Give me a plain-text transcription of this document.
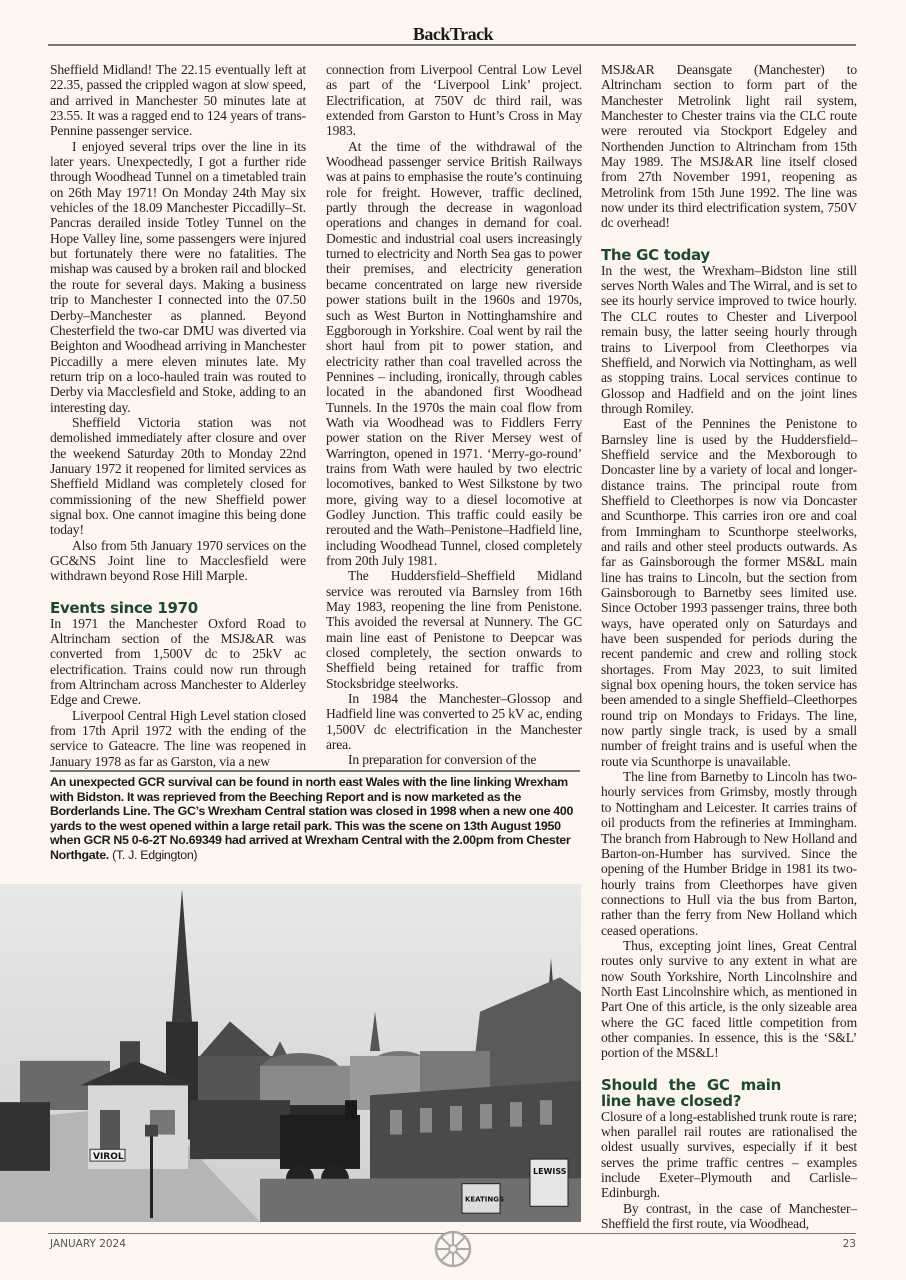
BackTrack

Sheffield Midland! The 22.15 eventually left at 22.35, passed the crippled wagon at slow speed, and arrived in Manchester 50 minutes late at 23.55. It was a ragged end to 124 years of trans-Pennine passenger service.

I enjoyed several trips over the line in its later years. Unexpectedly, I got a further ride through Woodhead Tunnel on a timetabled train on 26th May 1971! On Monday 24th May six vehicles of the 18.09 Manchester Piccadilly–St. Pancras derailed inside Totley Tunnel on the Hope Valley line, some passengers were injured but fortunately there were no fatalities. The mishap was caused by a broken rail and blocked the route for several days. Making a business trip to Manchester I connected into the 07.50 Derby–Manchester as planned. Beyond Chesterfield the two-car DMU was diverted via Beighton and Woodhead arriving in Manchester Piccadilly a mere eleven minutes late. My return trip on a loco-hauled train was routed to Derby via Macclesfield and Stoke, adding to an interesting day.

Sheffield Victoria station was not demolished immediately after closure and over the weekend Saturday 20th to Monday 22nd January 1972 it reopened for limited services as Sheffield Midland was completely closed for commissioning of the new Sheffield power signal box. One cannot imagine this being done today!

Also from 5th January 1970 services on the GC&NS Joint line to Macclesfield were withdrawn beyond Rose Hill Marple.

Events since 1970

In 1971 the Manchester Oxford Road to Altrincham section of the MSJ&AR was converted from 1,500V dc to 25kV ac electrification. Trains could now run through from Altrincham across Manchester to Alderley Edge and Crewe.

Liverpool Central High Level station closed from 17th April 1972 with the ending of the service to Gateacre. The line was reopened in January 1978 as far as Garston, via a new

connection from Liverpool Central Low Level as part of the ‘Liverpool Link’ project. Electrification, at 750V dc third rail, was extended from Garston to Hunt’s Cross in May 1983.

At the time of the withdrawal of the Woodhead passenger service British Railways was at pains to emphasise the route’s continuing role for freight. However, traffic declined, partly through the decrease in wagonload operations and changes in demand for coal. Domestic and industrial coal users increasingly turned to electricity and North Sea gas to power their premises, and electricity generation became concentrated on large new riverside power stations built in the 1960s and 1970s, such as West Burton in Nottinghamshire and Eggborough in Yorkshire. Coal went by rail the short haul from pit to power station, and electricity rather than coal travelled across the Pennines – including, ironically, through cables located in the abandoned first Woodhead Tunnels. In the 1970s the main coal flow from Wath via Woodhead was to Fiddlers Ferry power station on the River Mersey west of Warrington, opened in 1971. ‘Merry-go-round’ trains from Wath were hauled by two electric locomotives, banked to West Silkstone by two more, giving way to a diesel locomotive at Godley Junction. This traffic could easily be rerouted and the Wath–Penistone–Hadfield line, including Woodhead Tunnel, closed completely from 20th July 1981.

The Huddersfield–Sheffield Midland service was rerouted via Barnsley from 16th May 1983, reopening the line from Penistone. This avoided the reversal at Nunnery. The GC main line east of Penistone to Deepcar was closed completely, the section onwards to Sheffield being retained for traffic from Stocksbridge steelworks.

In 1984 the Manchester–Glossop and Hadfield line was converted to 25 kV ac, ending 1,500V dc electrification in the Manchester area.

In preparation for conversion of the

MSJ&AR Deansgate (Manchester) to Altrincham section to form part of the Manchester Metrolink light rail system, Manchester to Chester trains via the CLC route were rerouted via Stockport Edgeley and Northenden Junction to Altrincham from 15th May 1989. The MSJ&AR line itself closed from 27th November 1991, reopening as Metrolink from 15th June 1992. The line was now under its third electrification system, 750V dc overhead!

The GC today

In the west, the Wrexham–Bidston line still serves North Wales and The Wirral, and is set to see its hourly service improved to twice hourly. The CLC routes to Chester and Liverpool remain busy, the latter seeing hourly through trains to Liverpool from Cleethorpes via Sheffield, and Norwich via Nottingham, as well as stopping trains. Local services continue to Glossop and Hadfield and on the joint lines through Romiley.

East of the Pennines the Penistone to Barnsley line is used by the Huddersfield–Sheffield service and the Mexborough to Doncaster line by a variety of local and longer-distance trains. The principal route from Sheffield to Cleethorpes is now via Doncaster and Scunthorpe. This carries iron ore and coal from Immingham to Scunthorpe steelworks, and rails and other steel products outwards. As far as Gainsborough the former MS&L main line has trains to Lincoln, but the section from Gainsborough to Barnetby sees limited use. Since October 1993 passenger trains, three both ways, have operated only on Saturdays and have been suspended for periods during the recent pandemic and crew and rolling stock shortages. From May 2023, to suit limited signal box opening hours, the token service has been amended to a single Sheffield–Cleethorpes round trip on Mondays to Fridays. The line, now partly single track, is used by a small number of freight trains and is useful when the route via Scunthorpe is unavailable.

The line from Barnetby to Lincoln has two-hourly services from Grimsby, mostly through to Nottingham and Leicester. It carries trains of oil products from the refineries at Immingham. The branch from Habrough to New Holland and Barton-on-Humber has survived. Since the opening of the Humber Bridge in 1981 its two-hourly trains from Cleethorpes have given connections to Hull via the bus from Barton, rather than the ferry from New Holland which ceased operations.

Thus, excepting joint lines, Great Central routes only survive to any extent in what are now South Yorkshire, North Lincolnshire and North East Lincolnshire which, as mentioned in Part One of this article, is the only sizeable area where the GC faced little competition from other companies. In essence, this is the ‘S&L’ portion of the MS&L!

Should the GC main line have closed?

Closure of a long-established trunk route is rare; when parallel rail routes are rationalised the oldest usually survives, especially if it best serves the prime traffic centres – examples include Exeter–Plymouth and Carlisle–Edinburgh.

By contrast, in the case of Manchester–Sheffield the first route, via Woodhead,

An unexpected GCR survival can be found in north east Wales with the line linking Wrexham with Bidston. It was reprieved from the Beeching Report and is now marketed as the Borderlands Line. The GC’s Wrexham Central station was closed in 1998 when a new one 400 yards to the west opened within a large retail park. This was the scene on 13th August 1950 when GCR N5 0-6-2T No.69349 had arrived at Wrexham Central with the 2.00pm from Chester Northgate. (T. J. Edgington)
VIROL
KEATINGS
LEWISS
JANUARY 2024	23
